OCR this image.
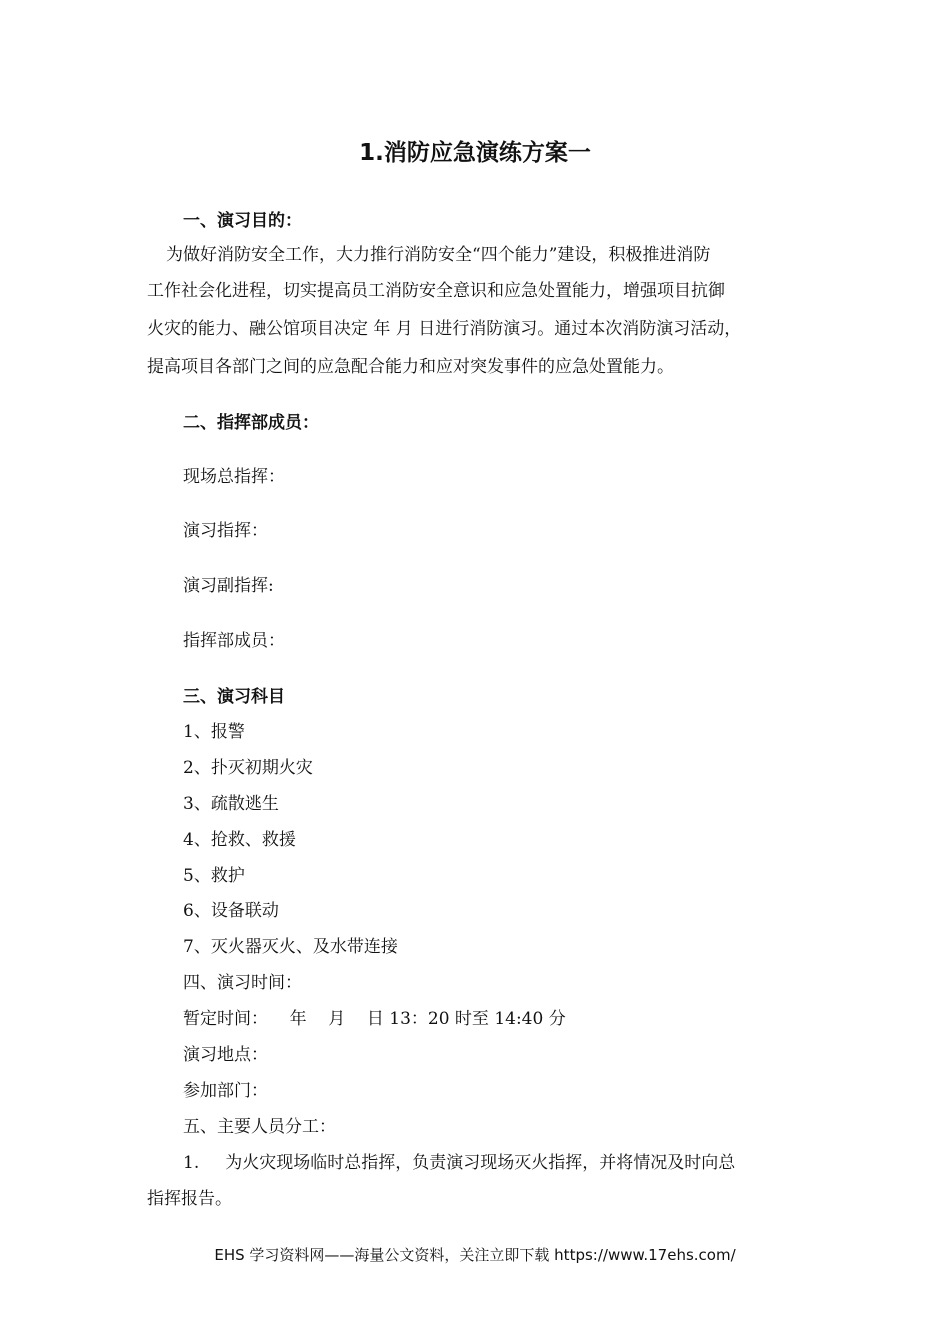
1.消防应急演练方案一
一、演习目的：
为做好消防安全工作，大力推行消防安全“四个能力”建设，积极推进消防
工作社会化进程，切实提高员工消防安全意识和应急处置能力，增强项目抗御
火灾的能力、融公馆项目决定 年 月 日进行消防演习。通过本次消防演习活动，
提高项目各部门之间的应急配合能力和应对突发事件的应急处置能力。
二、指挥部成员：
现场总指挥：
演习指挥：
演习副指挥:
指挥部成员：
三、演习科目
1、报警
2、扑灭初期火灾
3、疏散逃生
4、抢救、救援
5、救护
6、设备联动
7、灭火器灭火、及水带连接
四、演习时间：
暂定时间：    年    月    日 13：20 时至 14:40 分
演习地点：
参加部门：
五、主要人员分工：
1. 为火灾现场临时总指挥，负责演习现场灭火指挥，并将情况及时向总
指挥报告。
EHS 学习资料网——海量公文资料，关注立即下载 https://www.17ehs.com/
